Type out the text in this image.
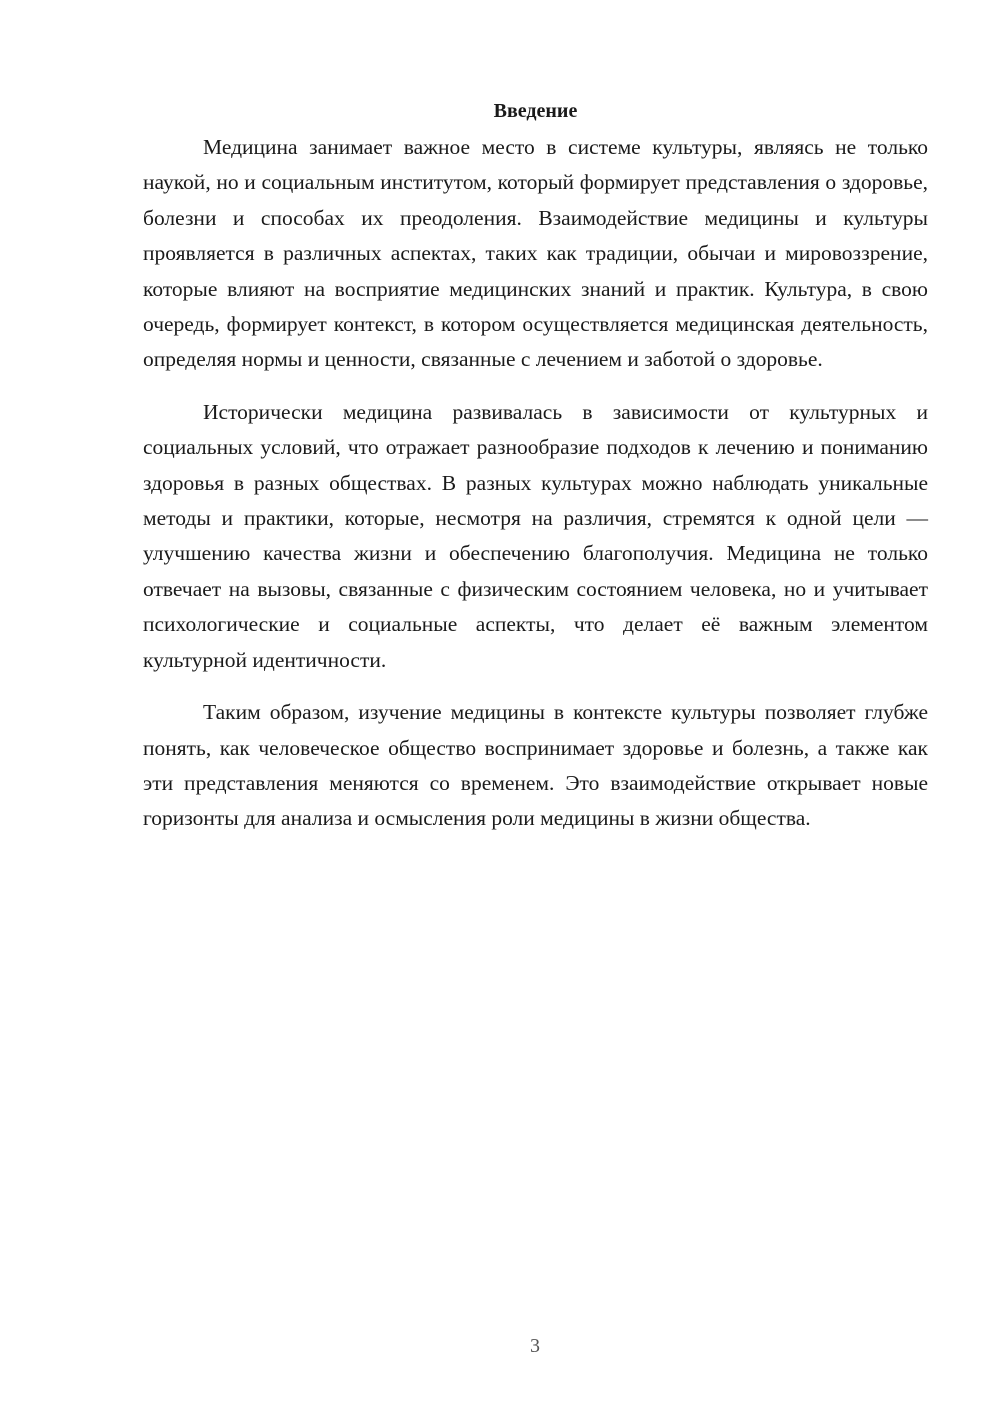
Введение

Медицина занимает важное место в системе культуры, являясь не только наукой, но и социальным институтом, который формирует представления о здоровье, болезни и способах их преодоления. Взаимодействие медицины и культуры проявляется в различных аспектах, таких как традиции, обычаи и мировоззрение, которые влияют на восприятие медицинских знаний и практик. Культура, в свою очередь, формирует контекст, в котором осуществляется медицинская деятельность, определяя нормы и ценности, связанные с лечением и заботой о здоровье.

Исторически медицина развивалась в зависимости от культурных и социальных условий, что отражает разнообразие подходов к лечению и пониманию здоровья в разных обществах. В разных культурах можно наблюдать уникальные методы и практики, которые, несмотря на различия, стремятся к одной цели — улучшению качества жизни и обеспечению благополучия. Медицина не только отвечает на вызовы, связанные с физическим состоянием человека, но и учитывает психологические и социальные аспекты, что делает её важным элементом культурной идентичности.

Таким образом, изучение медицины в контексте культуры позволяет глубже понять, как человеческое общество воспринимает здоровье и болезнь, а также как эти представления меняются со временем. Это взаимодействие открывает новые горизонты для анализа и осмысления роли медицины в жизни общества.

3
